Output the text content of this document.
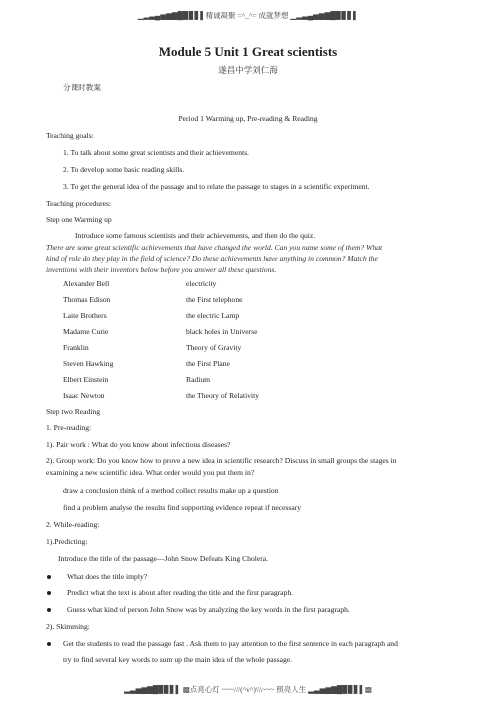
▁▂▃▄▅▆▇█▉▊▋▌精诚凝聚 =^_^= 成就梦想 ▁▂▃▄▅▆▇█▉▊▋▌
Module 5 Unit 1 Great scientists
遂昌中学刘仁海
分课时教案
Period 1 Warming up, Pre-reading & Reading
Teaching goals:
1. To talk about some great scientists and their achievements.
2. To develop some basic reading skills.
3. To get the general idea of the passage and to relate the passage to stages in a scientific experiment.
Teaching procedures:
Step one Warming up
Introduce some famous scientists and their achievements, and then do the quiz.
There are some great scientific achievements that have changed the world. Can you name some of them? What
kind of role do they play in the field of science? Do these achievements have anything in common? Match the
inventions with their inventors below before you answer all these questions.
Alexander Bell	electricity
Thomas Edison	the First telephone
Laite Brothers	the electric Lamp
Madame Curie	black holes in Universe
Franklin	Theory of Gravity
Steven Hawking	the First Plane
Elbert Einstein	Radium
Isaac Newton	the Theory of Relativity
Step two Reading
1. Pre-reading:
1). Pair work : What do you know about infectious diseases?
2). Group work: Do you know how to prove a new idea in scientific research? Discuss in small groups the stages in
examining a new scientific idea. What order would you put them in?
draw a conclusion think of a method collect results make up a question
find a problem analyse the results find supporting evidence repeat if necessary
2. While-reading:
1).Predicting:
Introduce the title of the passage—John Snow Defeats King Cholera.
What does the title imply?
Predict what the text is about after reading the title and the first paragraph.
Guess what kind of person John Snow was by analyzing the key words in the first paragraph.
2). Skimming:
Get the students to read the passage fast . Ask them to pay attention to the first sentence in each paragraph and
try to find several key words to sum up the main idea of the whole passage.
▂▃▅▆▇█▉▊▋▌ ▩点亮心灯 ~~~///(^v^)\\\~~~ 照亮人生 ▂▃▅▆▇█▉▊▋▌▩
